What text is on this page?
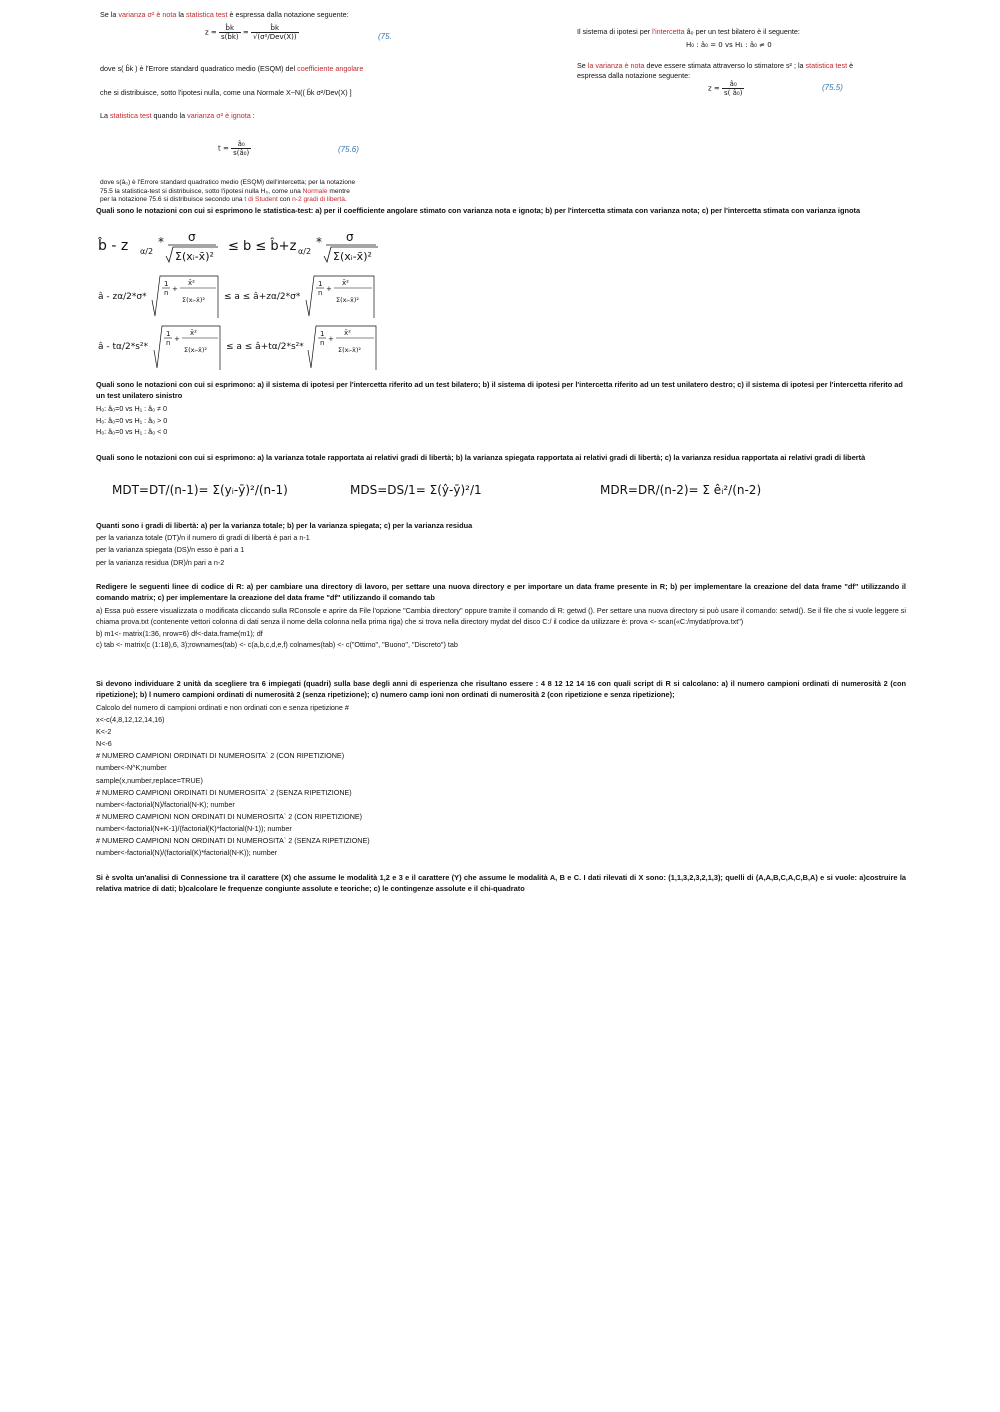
Se la varianza σ² è nota la statistica test è espressa dalla notazione seguente:
$z = \frac{b̂k}{s(b̂k)} = \frac{b̂k}{\text{√(σ²/Dev(X))}}$	(75.
dove s( b̂k ) è l'Errore standard quadratico medio (ESQM) del coefficiente angolare
che si distribuisce, sotto l'ipotesi nulla, come una Normale X~N(( b̂k σ²/Dev(X) ]
La statistica test quando la varianza σ² è ignota :
$t = \frac{\text{â₀}}{\text{s(â₀)}}$	(75.6)
dove s(â₀) è l'Errore standard quadratico medio (ESQM) dell'intercetta; per la notazione
75.5 la statistica-test si distribuisce, sotto l'ipotesi nulla H₀, come una Normale mentre
per la notazione 75.6 si distribuisce secondo una t di Student con n-2 gradi di libertà.
Il sistema di ipotesi per l'intercetta â₀ per un test bilatero è il seguente:
H₀ : â₀ = 0 vs H₁ : â₀ ≠ 0
Se la varianza è nota deve essere stimata attraverso lo stimatore s² ; la statistica test è
espressa dalla notazione seguente:
$z = \frac{\text{â₀}}{\text{s( â₀)}}$	(75.5)
Quali sono le notazioni con cui si esprimono le statistica-test: a) per il coefficiente angolare stimato con varianza nota e ignota; b) per l'intercetta stimata con varianza nota; c) per l'intercetta stimata con varianza ignota
b̂ - z α/2
* σ
Σ(xᵢ-x̄)²
≤ b ≤ b̂+z α/2
* σ
Σ(xᵢ-x̄)²
â - zα/2*σ*
1
n +
x̄²
Σ(xᵢ-x̄)² ≤ a ≤ â+zα/2*σ*
1
n +
x̄²
Σ(xᵢ-x̄)²
â - tα/2*s²*
1
n +
x̄²
Σ(xᵢ-x̄)² ≤ a ≤ â+tα/2*s²*
1
n +
x̄²
Σ(xᵢ-x̄)²
Quali sono le notazioni con cui si esprimono: a) il sistema di ipotesi per l'intercetta riferito ad un test bilatero; b) il sistema di ipotesi per l'intercetta riferito ad un test unilatero destro; c) il sistema di ipotesi per l'intercetta riferito ad un test unilatero sinistro
H₀: â₀=0 vs H₁ : â₀ ≠ 0
H₀: â₀=0 vs H₁ : â₀ > 0
H₀: â₀=0 vs H₁ : â₀ < 0
Quali sono le notazioni con cui si esprimono: a) la varianza totale rapportata ai relativi gradi di libertà; b) la varianza spiegata rapportata ai relativi gradi di libertà; c) la varianza residua rapportata ai relativi gradi di libertà
MDT=DT/(n-1)= Σ(yᵢ-ȳ)²/(n-1)	MDS=DS/1= Σ(ŷ-ȳ)²/1	MDR=DR/(n-2)= Σ êᵢ²/(n-2)
Quanti sono i gradi di libertà: a) per la varianza totale; b) per la varianza spiegata; c) per la varianza residua
per la varianza totale (DT)/n il numero di gradi di libertà è pari a n-1
per la varianza spiegata (DS)/n esso è pari a 1
per la varianza residua (DR)/n pari a n-2
Redigere le seguenti linee di codice di R: a) per cambiare una directory di lavoro, per settare una nuova directory e per importare un data frame presente in R; b) per implementare la creazione del data frame "df" utilizzando il comando matrix; c) per implementare la creazione del data frame "df" utilizzando il comando tab
a) Essa può essere visualizzata o modificata cliccando sulla RConsole e aprire da File l'opzione "Cambia directory" oppure tramite il comando di R: getwd (). Per settare una nuova directory si può usare il comando: setwd(). Se il file che si vuole leggere si chiama prova.txt (contenente vettori colonna di dati senza il nome della colonna nella prima riga) che si trova nella directory mydat del disco C:/ il codice da utilizzare è: prova <- scan(«C:/mydat/prova.txt")
b) m1<- matrix(1:36, nrow=6) df<-data.frame(m1); df
c) tab <- matrix(c (1:18),6, 3);rownames(tab) <- c(a,b,c,d,e,f) colnames(tab) <- c("Ottimo", "Buono", "Discreto") tab
Si devono individuare 2 unità da scegliere tra 6 impiegati (quadri) sulla base degli anni di esperienza che risultano essere : 4 8 12 12 14 16 con quali script di R si calcolano: a) il numero campioni ordinati di numerosità 2 (con ripetizione); b) l numero campioni ordinati di numerosità 2 (senza ripetizione); c) numero camp ioni non ordinati di numerosità 2 (con ripetizione e senza ripetizione);
Calcolo del numero di campioni ordinati e non ordinati con e senza ripetizione #
x<-c(4,8,12,12,14,16)
K<-2
N<-6
# NUMERO CAMPIONI ORDINATI DI NUMEROSITA` 2 (CON RIPETIZIONE)
number<-N^K;number
sample(x,number,replace=TRUE)
# NUMERO CAMPIONI ORDINATI DI NUMEROSITA` 2 (SENZA RIPETIZIONE)
number<-factorial(N)/factorial(N-K); number
# NUMERO CAMPIONI NON ORDINATI DI NUMEROSITA` 2 (CON RIPETIZIONE)
number<-factorial(N+K-1)/(factorial(K)*factorial(N-1)); number
# NUMERO CAMPIONI NON ORDINATI DI NUMEROSITA` 2 (SENZA RIPETIZIONE)
number<-factorial(N)/(factorial(K)*factorial(N-K)); number
Si è svolta un'analisi di Connessione tra il carattere (X) che assume le modalità 1,2 e 3 e il carattere (Y) che assume le modalità A, B e C. I dati rilevati di X sono: (1,1,3,2,3,2,1,3); quelli di (A,A,B,C,A,C,B,A) e si vuole: a)costruire la relativa matrice di dati; b)calcolare le frequenze congiunte assolute e teoriche; c) le contingenze assolute e il chi-quadrato
